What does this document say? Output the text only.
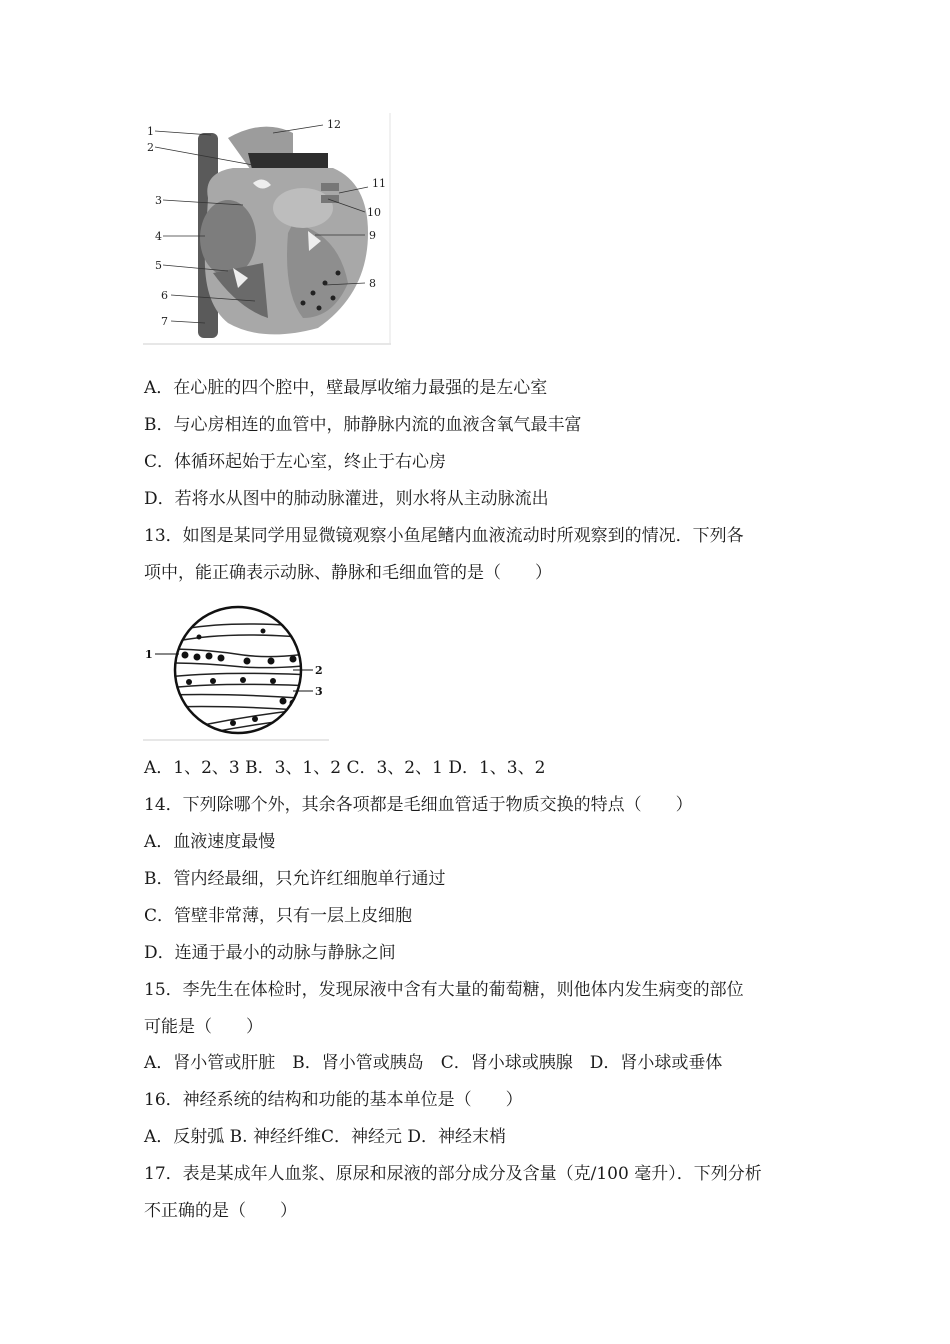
1
2
3
4
5
6
7
8
9
10
11
12
A．在心脏的四个腔中，壁最厚收缩力最强的是左心室
B．与心房相连的血管中，肺静脉内流的血液含氧气最丰富
C．体循环起始于左心室，终止于右心房
D．若将水从图中的肺动脉灌进，则水将从主动脉流出
13．如图是某同学用显微镜观察小鱼尾鳍内血液流动时所观察到的情况．下列各
项中，能正确表示动脉、静脉和毛细血管的是（　　）
1
2
3
A．1、2、3 B．3、1、2 C．3、2、1 D．1、3、2
14．下列除哪个外，其余各项都是毛细血管适于物质交换的特点（　　）
A．血液速度最慢
B．管内经最细，只允许红细胞单行通过
C．管壁非常薄，只有一层上皮细胞
D．连通于最小的动脉与静脉之间
15．李先生在体检时，发现尿液中含有大量的葡萄糖，则他体内发生病变的部位
可能是（　　）
A．肾小管或肝脏　B．肾小管或胰岛　C．肾小球或胰腺　D．肾小球或垂体
16．神经系统的结构和功能的基本单位是（　　）
A．反射弧 B. 神经纤维C．神经元 D．神经末梢
17．表是某成年人血浆、原尿和尿液的部分成分及含量（克/100 毫升）．下列分析
不正确的是（　　）
